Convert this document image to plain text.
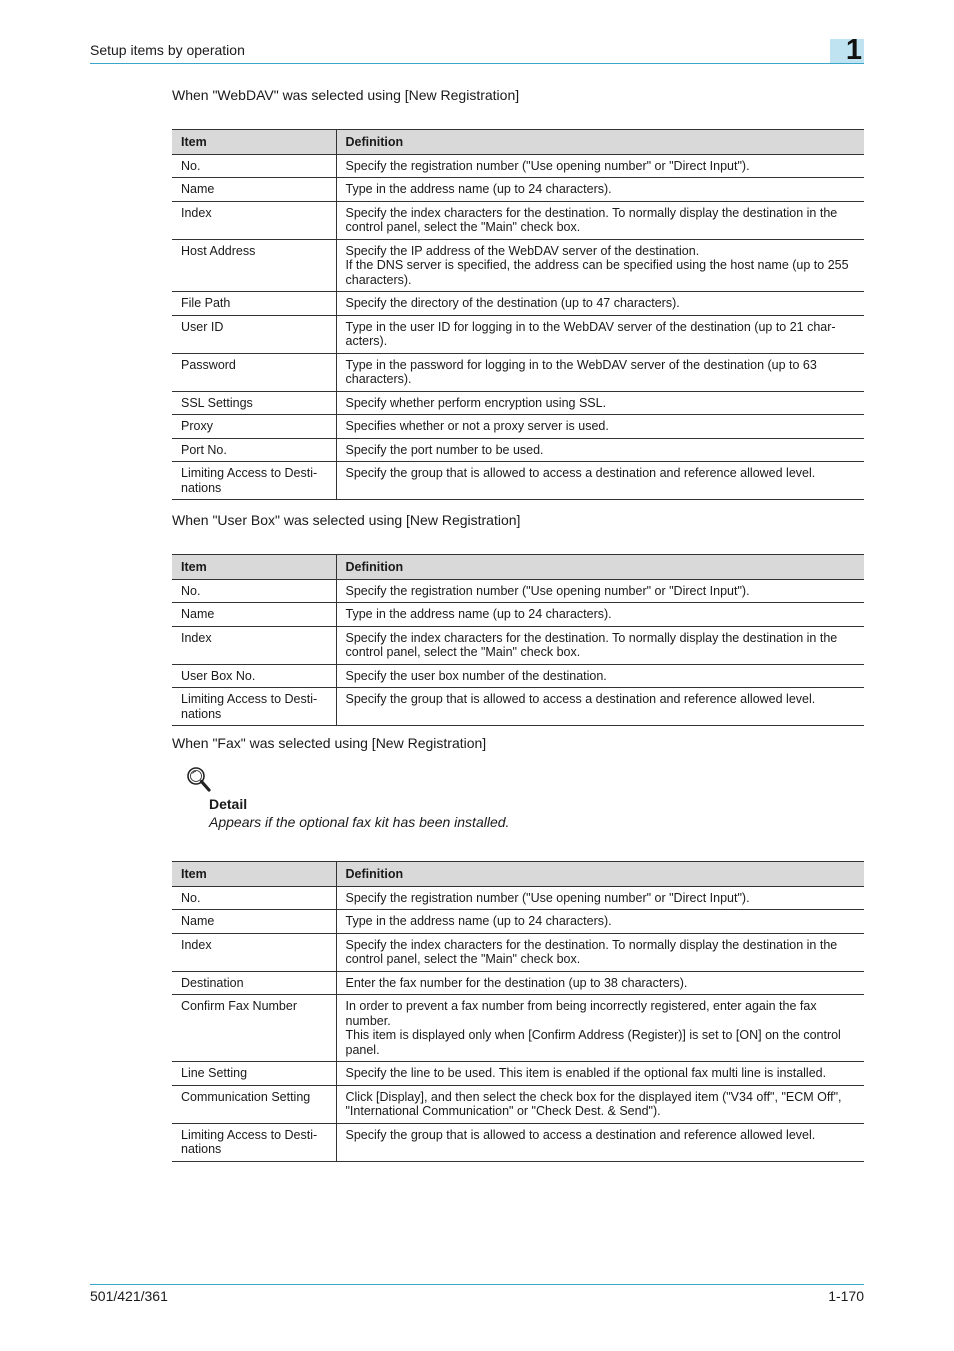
Setup items by operation	1
When "WebDAV" was selected using [New Registration]
Item	Definition
No.	Specify the registration number ("Use opening number" or "Direct Input").

Name	Type in the address name (up to 24 characters).

Index	Specify the index characters for the destination. To normally display the destination in the control panel, select the "Main" check box.

Host Address	Specify the IP address of the WebDAV server of the destination.
If the DNS server is specified, the address can be specified using the host name (up to 255 characters).

File Path	Specify the directory of the destination (up to 47 characters).

User ID	Type in the user ID for logging in to the WebDAV server of the destination (up to 21 char-acters).

Password	Type in the password for logging in to the WebDAV server of the destination (up to 63 characters).

SSL Settings	Specify whether perform encryption using SSL.

Proxy	Specifies whether or not a proxy server is used.

Port No.	Specify the port number to be used.

Limiting Access to Desti-nations	Specify the group that is allowed to access a destination and reference allowed level.
When "User Box" was selected using [New Registration]
Item	Definition
No.	Specify the registration number ("Use opening number" or "Direct Input").

Name	Type in the address name (up to 24 characters).

Index	Specify the index characters for the destination. To normally display the destination in the control panel, select the "Main" check box.

User Box No.	Specify the user box number of the destination.

Limiting Access to Desti-nations	Specify the group that is allowed to access a destination and reference allowed level.
When "Fax" was selected using [New Registration]
Detail
Appears if the optional fax kit has been installed.
Item	Definition
No.	Specify the registration number ("Use opening number" or "Direct Input").

Name	Type in the address name (up to 24 characters).

Index	Specify the index characters for the destination. To normally display the destination in the control panel, select the "Main" check box.

Destination	Enter the fax number for the destination (up to 38 characters).

Confirm Fax Number	In order to prevent a fax number from being incorrectly registered, enter again the fax number.
This item is displayed only when [Confirm Address (Register)] is set to [ON] on the control panel.

Line Setting	Specify the line to be used. This item is enabled if the optional fax multi line is installed.

Communication Setting	Click [Display], and then select the check box for the displayed item ("V34 off", "ECM Off", "International Communication" or "Check Dest. & Send").

Limiting Access to Desti-nations	Specify the group that is allowed to access a destination and reference allowed level.
501/421/361	1-170
